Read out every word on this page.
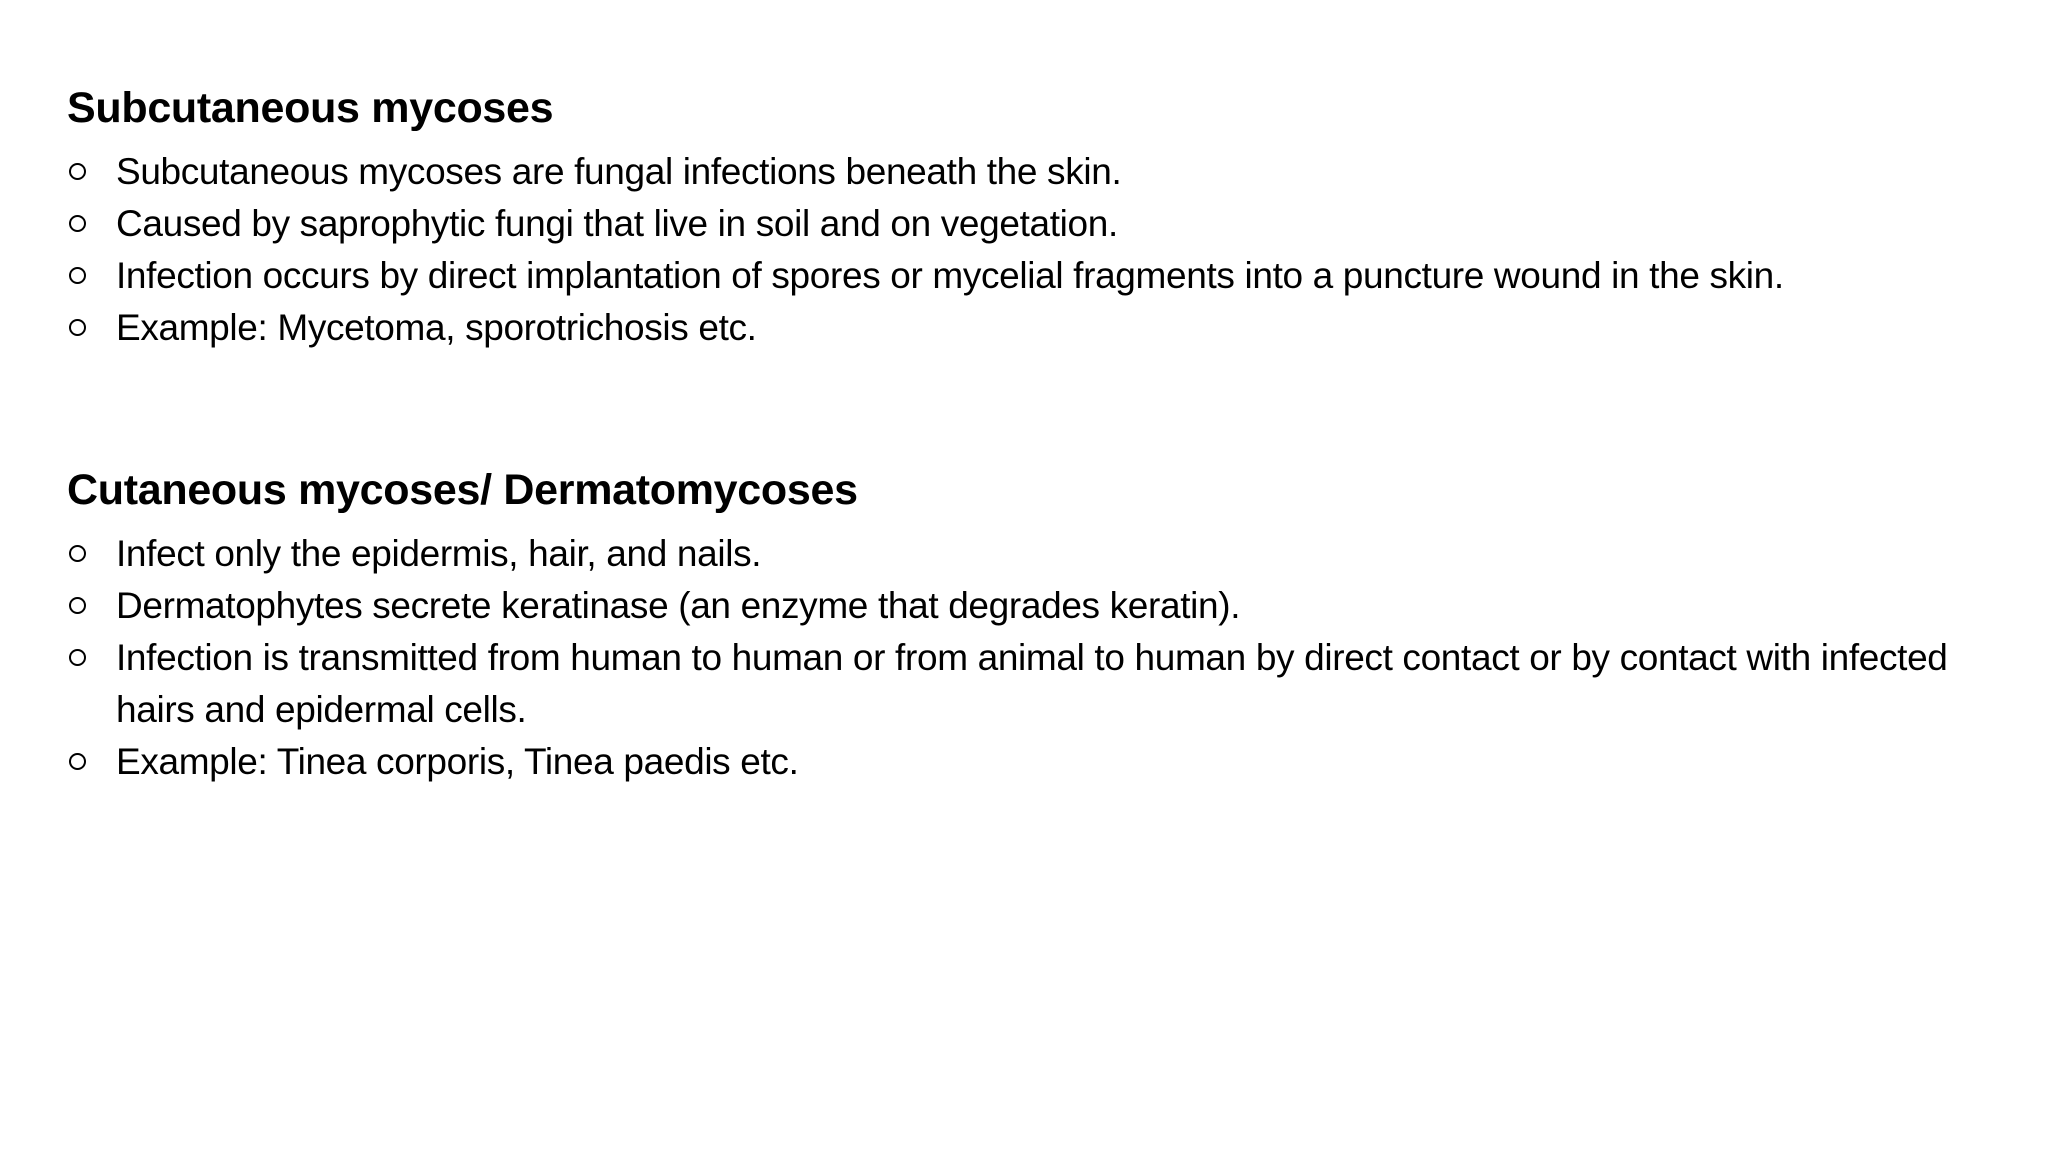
Subcutaneous mycoses
Subcutaneous mycoses are fungal infections beneath the skin.
Caused by saprophytic fungi that live in soil and on vegetation.
Infection occurs by direct implantation of spores or mycelial fragments into a puncture wound in the skin.
Example: Mycetoma, sporotrichosis etc.
Cutaneous mycoses/ Dermatomycoses
Infect only the epidermis, hair, and nails.
Dermatophytes secrete keratinase (an enzyme that degrades keratin).
Infection is transmitted from human to human or from animal to human by direct contact or by contact with infected hairs and epidermal cells.
Example: Tinea corporis, Tinea paedis etc.
